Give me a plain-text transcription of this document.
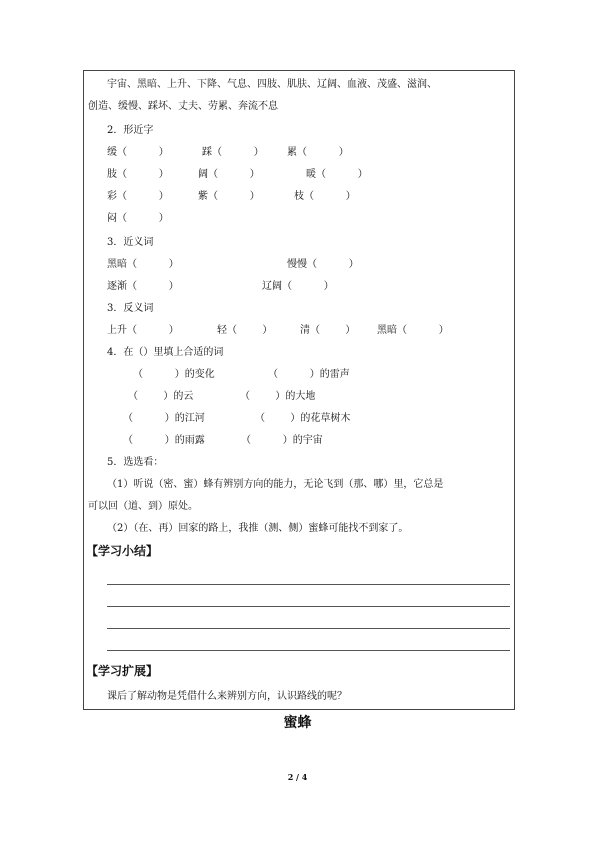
宇宙、黑暗、上升、下降、气息、四肢、肌肤、辽阔、血液、茂盛、滋润、
创造、缓慢、踩坏、丈夫、劳累、奔流不息
2．形近字
缓（          ）	踩（          ） 累（          ）
肢（          ）	阔（          ）	暖（          ）
彩（          ）	紫（          ）	枝（          ）
闷（          ）
3．近义词
黑暗（          ）	慢慢（          ）
逐渐（          ）	辽阔（          ）
3．反义词
上升（          ）	轻（        ）	清（        ） 黑暗（          ）
4．在（）里填上合适的词
（          ）的变化	（          ）的雷声
（        ）的云	（        ）的大地
（          ）的江河	（        ）的花草树木
（          ）的雨露	（          ）的宇宙
5．选选看：
（1）听说（密、蜜）蜂有辨别方向的能力，无论飞到（那、哪）里，它总是
可以回（道、到）原处。
（2）（在、再）回家的路上，我推（测、侧）蜜蜂可能找不到家了。
【学习小结】
【学习扩展】
课后了解动物是凭借什么来辨别方向，认识路线的呢？
蜜蜂
2 / 4
